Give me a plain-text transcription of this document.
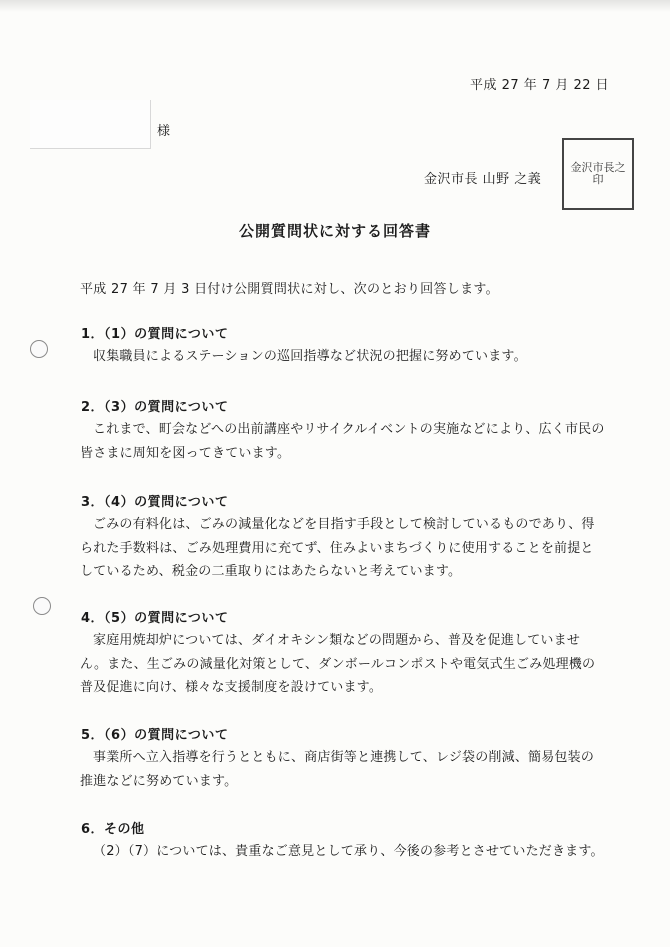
平成 27 年 7 月 22 日
様
金沢市長 山野 之義
金沢市長之印
公開質問状に対する回答書
平成 27 年 7 月 3 日付け公開質問状に対し、次のとおり回答します。
1．（1）の質問について

収集職員によるステーションの巡回指導など状況の把握に努めています。

2．（3）の質問について

これまで、町会などへの出前講座やリサイクルイベントの実施などにより、広く市民の皆さまに周知を図ってきています。

3．（4）の質問について

ごみの有料化は、ごみの減量化などを目指す手段として検討しているものであり、得られた手数料は、ごみ処理費用に充てず、住みよいまちづくりに使用することを前提としているため、税金の二重取りにはあたらないと考えています。

4．（5）の質問について

家庭用焼却炉については、ダイオキシン類などの問題から、普及を促進していません。また、生ごみの減量化対策として、ダンボールコンポストや電気式生ごみ処理機の普及促進に向け、様々な支援制度を設けています。

5．（6）の質問について

事業所へ立入指導を行うとともに、商店街等と連携して、レジ袋の削減、簡易包装の推進などに努めています。

6．その他

（2）（7）については、貴重なご意見として承り、今後の参考とさせていただきます。
